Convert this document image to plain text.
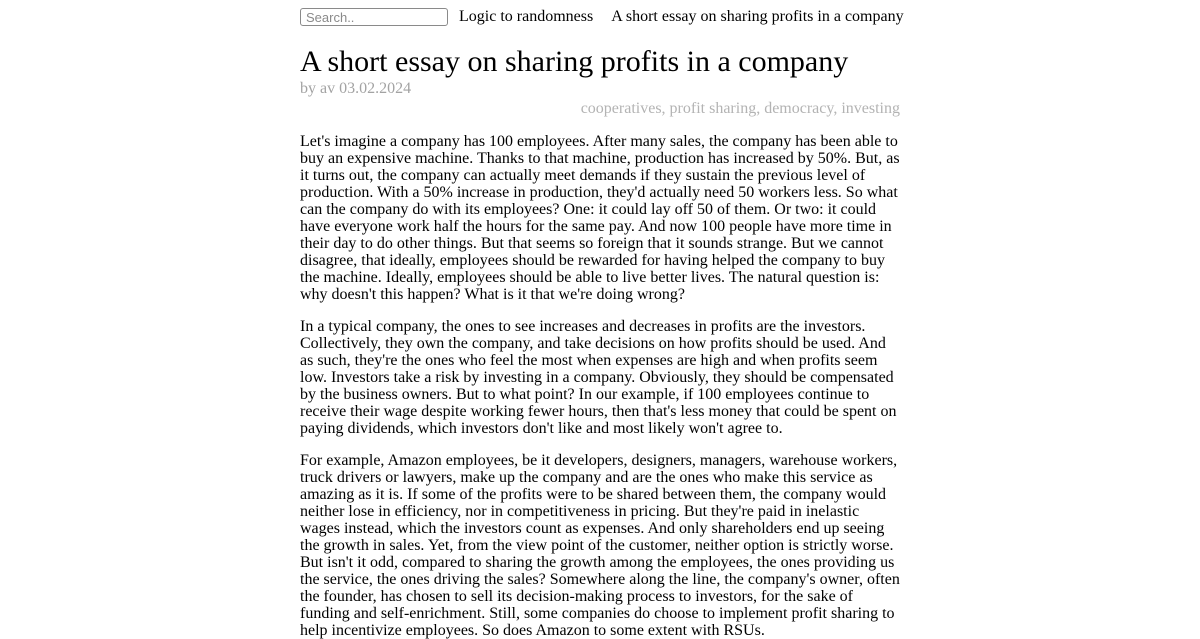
Search..
Logic to randomness A short essay on sharing profits in a company
A short essay on sharing profits in a company
by av 03.02.2024
cooperatives, profit sharing, democracy, investing

Let's imagine a company has 100 employees. After many sales, the company has been able to buy an expensive machine. Thanks to that machine, production has increased by 50%. But, as it turns out, the company can actually meet demands if they sustain the previous level of production. With a 50% increase in production, they'd actually need 50 workers less. So what can the company do with its employees? One: it could lay off 50 of them. Or two: it could have everyone work half the hours for the same pay. And now 100 people have more time in their day to do other things. But that seems so foreign that it sounds strange. But we cannot disagree, that ideally, employees should be rewarded for having helped the company to buy the machine. Ideally, employees should be able to live better lives. The natural question is: why doesn't this happen? What is it that we're doing wrong?

In a typical company, the ones to see increases and decreases in profits are the investors. Collectively, they own the company, and take decisions on how profits should be used. And as such, they're the ones who feel the most when expenses are high and when profits seem low. Investors take a risk by investing in a company. Obviously, they should be compensated by the business owners. But to what point? In our example, if 100 employees continue to receive their wage despite working fewer hours, then that's less money that could be spent on paying dividends, which investors don't like and most likely won't agree to.

For example, Amazon employees, be it developers, designers, managers, warehouse workers, truck drivers or lawyers, make up the company and are the ones who make this service as amazing as it is. If some of the profits were to be shared between them, the company would neither lose in efficiency, nor in competitiveness in pricing. But they're paid in inelastic wages instead, which the investors count as expenses. And only shareholders end up seeing the growth in sales. Yet, from the view point of the customer, neither option is strictly worse. But isn't it odd, compared to sharing the growth among the employees, the ones providing us the service, the ones driving the sales? Somewhere along the line, the company's owner, often the founder, has chosen to sell its decision-making process to investors, for the sake of funding and self-enrichment. Still, some companies do choose to implement profit sharing to help incentivize employees. So does Amazon to some extent with RSUs.
